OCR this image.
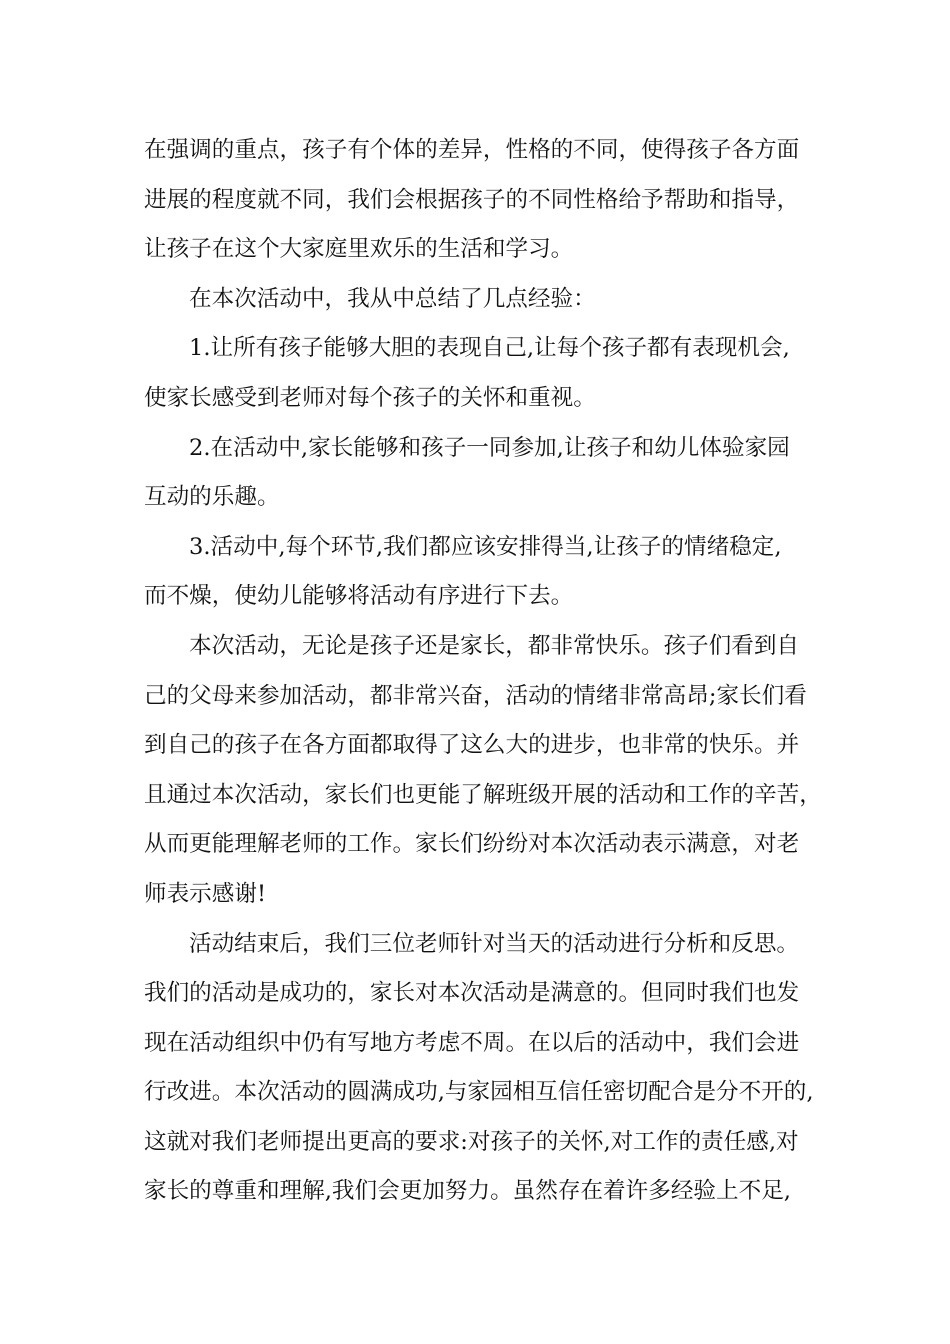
在强调的重点，孩子有个体的差异，性格的不同，使得孩子各方面
进展的程度就不同，我们会根据孩子的不同性格给予帮助和指导，
让孩子在这个大家庭里欢乐的生活和学习。
在本次活动中，我从中总结了几点经验：
1.让所有孩子能够大胆的表现自己,让每个孩子都有表现机会,
使家长感受到老师对每个孩子的关怀和重视。
2.在活动中,家长能够和孩子一同参加,让孩子和幼儿体验家园
互动的乐趣。
3.活动中,每个环节,我们都应该安排得当,让孩子的情绪稳定,
而不燥，使幼儿能够将活动有序进行下去。
本次活动，无论是孩子还是家长，都非常快乐。孩子们看到自
己的父母来参加活动，都非常兴奋，活动的情绪非常高昂;家长们看
到自己的孩子在各方面都取得了这么大的进步，也非常的快乐。并
且通过本次活动，家长们也更能了解班级开展的活动和工作的辛苦，
从而更能理解老师的工作。家长们纷纷对本次活动表示满意，对老
师表示感谢!
活动结束后，我们三位老师针对当天的活动进行分析和反思。
我们的活动是成功的，家长对本次活动是满意的。但同时我们也发
现在活动组织中仍有写地方考虑不周。在以后的活动中，我们会进
行改进。本次活动的圆满成功,与家园相互信任密切配合是分不开的,
这就对我们老师提出更高的要求:对孩子的关怀,对工作的责任感,对
家长的尊重和理解,我们会更加努力。虽然存在着许多经验上不足,
